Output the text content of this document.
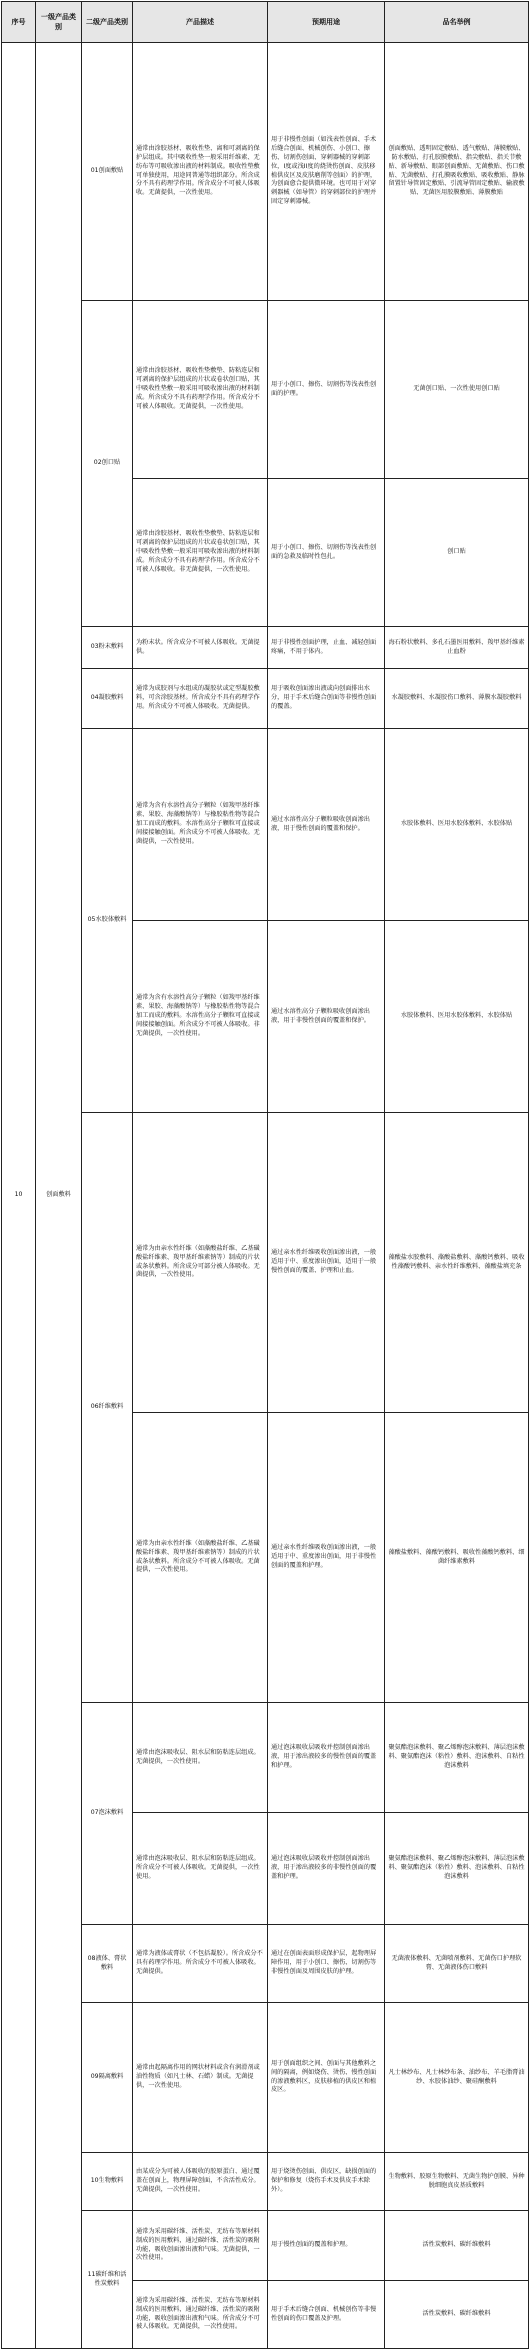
序号	一级产品类别	二级产品类别	产品描述	预期用途	品名举例
10	创面敷料	01创面敷贴	通常由涂胶基材、吸收性垫、离和可剥离的保护层组成。其中吸收性垫一般采用纤维素、无纺布等可吸收渗出液的材料制成。吸收性垫敷可单独使用，用途同普通等组织部分。所含成分不具有药理学作用。所含成分不可被人体吸收。无菌提供，一次性使用。	用于非慢性创面（如浅表性创面、手术后缝合创面、机械创伤、小创口、擦伤、切割伤创面、穿刺器械的穿刺部位，I度或浅II度的烧烫伤创面、皮肤移植供皮区及皮肤磨削等创面）的护理，为创面愈合提供微环境。也可用于对穿刺器械（如导管）的穿刺部位的护理并固定穿刺器械。	创面敷贴、透明固定敷贴、透气敷贴、薄膜敷贴、防水敷贴、打孔胶膜敷贴、指尖敷贴、指关节敷贴、新导敷贴、眼部创面敷贴、无菌敷贴、伤口敷贴、无菌敷贴、打孔膜吸收敷贴、吸收敷贴、静脉留置针导管固定敷贴、引流导管固定敷贴、输液敷贴、无菌医用胶膜敷贴、薄膜敷贴
		02创口贴	通常由涂胶基材、吸收性垫敷垫、防粘连层和可剥离的保护层组成的片状或卷状创口贴，其中吸收性垫敷一般采用可吸收渗出液的材料制成。所含成分不具有药理学作用。所含成分不可被人体吸收。无菌提供，一次性使用。	用于小创口、擦伤、切割伤等浅表性创面的护理。	无菌创口贴、一次性使用创口贴
			通常由涂胶基材、吸收性垫敷垫、防粘连层和可剥离的保护层组成的片状或卷状创口贴，其中吸收性垫敷一般采用可吸收渗出液的材料制成。所含成分不具有药理学作用。所含成分不可被人体吸收。非无菌提供，一次性使用。	用于小创口、擦伤、切割伤等浅表性创面的急救及临时性包扎。	创口贴
		03粉末敷料	为粉末状。所含成分不可被人体吸收。无菌提供。	用于非慢性创面护理，止血、减轻创面疼痛，不用于体内。	海石粉状敷料、多孔石墨医用敷料、羧甲基纤维素止血粉
		04凝胶敷料	通常为成胶剂与水组成的凝胶状或定型凝胶敷料，可含涂胶基材。所含成分不具有药理学作用。所含成分不可被人体吸收。无菌提供。	用于吸收创面渗出液或向创面排出水分，用于手术后缝合创面等非慢性创面的覆盖。	水凝胶敷料、水凝胶伤口敷料、薄膜水凝胶敷料
		05水胶体敷料	通常为含有水溶性高分子颗粒（如羧甲基纤维素、果胶、海藻酸钠等）与橡胶粘性物等混合加工而成的敷料。水溶性高分子颗粒可直接或间接接触创面。所含成分不可被人体吸收。无菌提供，一次性使用。	通过水溶性高分子颗粒吸收创面渗出液，用于慢性创面的覆盖和保护。	水胶体敷料、医用水胶体敷料、水胶体贴
			通常为含有水溶性高分子颗粒（如羧甲基纤维素、果胶、海藻酸钠等）与橡胶粘性物等混合加工而成的敷料。水溶性高分子颗粒可直接或间接接触创面。所含成分不可被人体吸收。非无菌提供，一次性使用。	通过水溶性高分子颗粒吸收创面渗出液，用于非慢性创面的覆盖和保护。	水胶体敷料、医用水胶体敷料、水胶体贴
		06纤维敷料	通常为由亲水性纤维（如藻酸盐纤维、乙基磺酸盐纤维素、羧甲基纤维素钠等）制成的片状或条状敷料。所含成分可部分被人体吸收。无菌提供，一次性使用。	通过亲水性纤维吸收创面渗出液，一般适用于中、重度渗出创面，适用于一般慢性创面的覆盖、护理和止血。	藻酸盐水胶敷料、藻酸盐敷料、藻酸钙敷料、吸收性藻酸钙敷料、亲水性纤维敷料、藻酸盐填充条
			通常为由亲水性纤维（如藻酸盐纤维、乙基磺酸盐纤维素、羧甲基纤维素钠等）制成的片状或条状敷料。所含成分不可被人体吸收。无菌提供，一次性使用。	通过亲水性纤维吸收创面渗出液，一般适用于中、重度渗出创面，用于非慢性创面的覆盖和护理。	藻酸盐敷料、藻酸钙敷料、吸收性藻酸钙敷料、细菌纤维素敷料
		07泡沫敷料	通常由泡沫吸收层、阻水层和防粘连层组成。无菌提供，一次性使用。	通过泡沫吸收层吸收并控制创面渗出液，用于渗出液较多的慢性创面的覆盖和护理。	聚氨酯泡沫敷料、聚乙烯醇泡沫敷料、薄层泡沫敷料、聚氨酯泡沫（粘性）敷料、泡沫敷料、自粘性泡沫敷料
			通常由泡沫吸收层、阻水层和防粘连层组成。所含成分不可被人体吸收。无菌提供，一次性使用。	通过泡沫吸收层吸收并控制创面渗出液，用于渗出液较多的非慢性创面的覆盖和护理。	聚氨酯泡沫敷料、聚乙烯醇泡沫敷料、薄层泡沫敷料、聚氨酯泡沫（粘性）敷料、泡沫敷料、自粘性泡沫敷料
		08液体、膏状敷料	通常为液体或膏状（不包括凝胶）。所含成分不具有药理学作用。所含成分不可被人体吸收。无菌提供。	通过在创面表面形成保护层，起物理屏障作用，用于小创口、擦伤、切割伤等非慢性创面及周围皮肤的护理。	无菌液体敷料、无菌喷剂敷料、无菌伤口护理软膏、无菌液体伤口敷料
		09隔离敷料	通常由起隔离作用的网状材料或含有润滑剂或油性物质（如凡士林、石蜡）制成。无菌提供，一次性使用。	用于创面组织之间、创面与其他敷料之间的隔离，例如烧伤、烫伤、慢性创面的渗液敷料区，皮肤移植的供皮区和植皮区。	凡士林纱布、凡士林纱布条、油纱布、羊毛脂膏油纱、水胶体油纱、聚硅酮敷料
		10生物敷料	由某成分为可被人体吸收的胶原蛋白、通过覆盖在创面上，物理屏障创面，不含活性成分。无菌提供，一次性使用。	用于烧烫伤创面、供皮区，缺损创面的保护和修复（烧伤手术及供皮手术除外）。	生物敷料、胶原生物敷料、无菌生物护创膜、异种脱细胞真皮基质敷料
		11碳纤维和活性炭敷料	通常为采用碳纤维、活性炭、无纺布等原材料制成的医用敷料，通过碳纤维、活性炭的吸附功能，吸收创面渗出液和气味。无菌提供，一次性使用。	用于慢性创面的覆盖和护理。	活性炭敷料、碳纤维敷料
			通常为采用碳纤维、活性炭、无纺布等原材料制成的医用敷料，通过碳纤维、活性炭的吸附功能，吸收创面渗出液和气味。所含成分不可被人体吸收。无菌提供，一次性使用。	用于手术后缝合创面、机械创伤等非慢性创面的伤口覆盖及护理。	活性炭敷料、碳纤维敷料
